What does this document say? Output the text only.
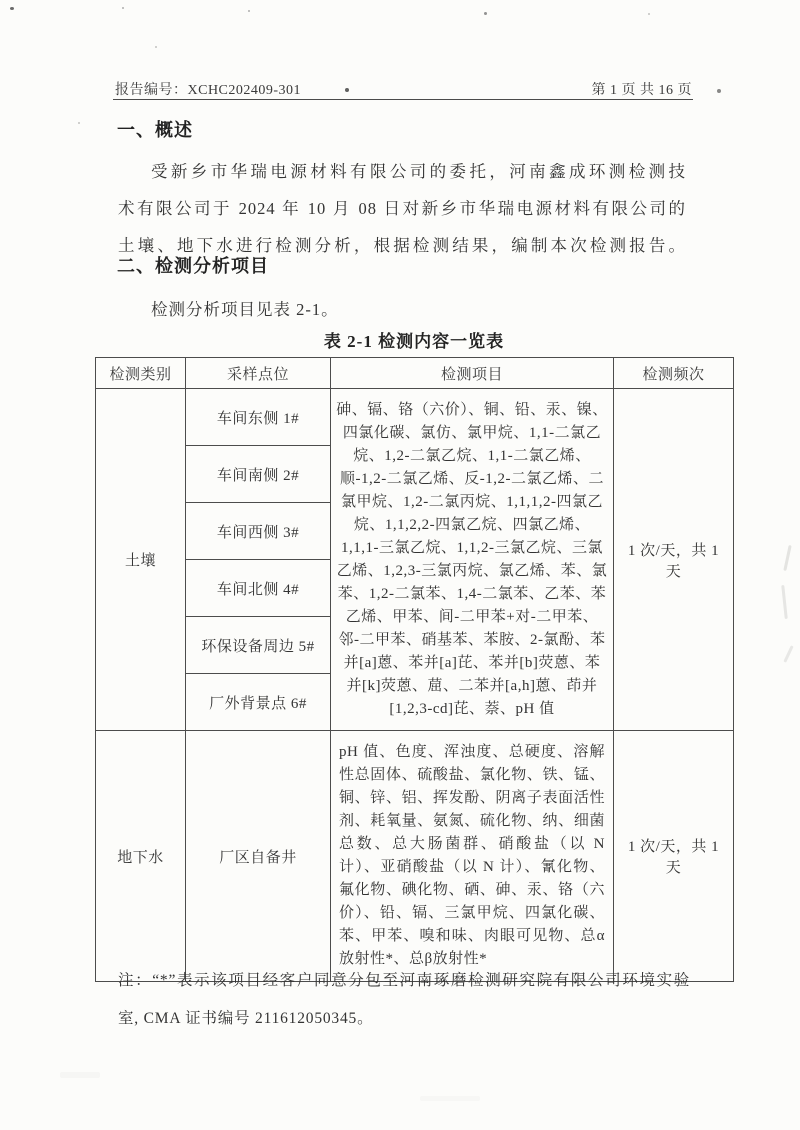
报告编号：XCHC202409-301	第 1 页 共 16 页
一、概述
受新乡市华瑞电源材料有限公司的委托，河南鑫成环测检测技
术有限公司于 2024 年 10 月 08 日对新乡市华瑞电源材料有限公司的
土壤、地下水进行检测分析，根据检测结果，编制本次检测报告。
二、检测分析项目
检测分析项目见表 2-1。
表 2-1 检测内容一览表
检测类别	采样点位	检测项目	检测频次
土壤	车间东侧 1#	砷、镉、铬（六价）、铜、铅、汞、镍、四氯化碳、氯仿、氯甲烷、1,1-二氯乙烷、1,2-二氯乙烷、1,1-二氯乙烯、顺-1,2-二氯乙烯、反-1,2-二氯乙烯、二氯甲烷、1,2-二氯丙烷、1,1,1,2-四氯乙烷、1,1,2,2-四氯乙烷、四氯乙烯、1,1,1-三氯乙烷、1,1,2-三氯乙烷、三氯乙烯、1,2,3-三氯丙烷、氯乙烯、苯、氯苯、1,2-二氯苯、1,4-二氯苯、乙苯、苯乙烯、甲苯、间-二甲苯+对-二甲苯、邻-二甲苯、硝基苯、苯胺、2-氯酚、苯并[a]蒽、苯并[a]芘、苯并[b]荧蒽、苯并[k]荧蒽、䓛、二苯并[a,h]蒽、茚并[1,2,3-cd]芘、萘、pH 值	1 次/天，共 1 天
	车间南侧 2#		
	车间西侧 3#		
	车间北侧 4#		
	环保设备周边 5#		
	厂外背景点 6#		
地下水	厂区自备井	pH 值、色度、浑浊度、总硬度、溶解性总固体、硫酸盐、氯化物、铁、锰、铜、锌、铝、挥发酚、阴离子表面活性剂、耗氧量、氨氮、硫化物、纳、细菌总数、总大肠菌群、硝酸盐（以 N 计）、亚硝酸盐（以 N 计）、氰化物、氟化物、碘化物、硒、砷、汞、铬（六价）、铅、镉、三氯甲烷、四氯化碳、苯、甲苯、嗅和味、肉眼可见物、总α放射性*、总β放射性*	1 次/天，共 1 天
注：“*”表示该项目经客户同意分包至河南琢磨检测研究院有限公司环境实验
室, CMA 证书编号 211612050345。
